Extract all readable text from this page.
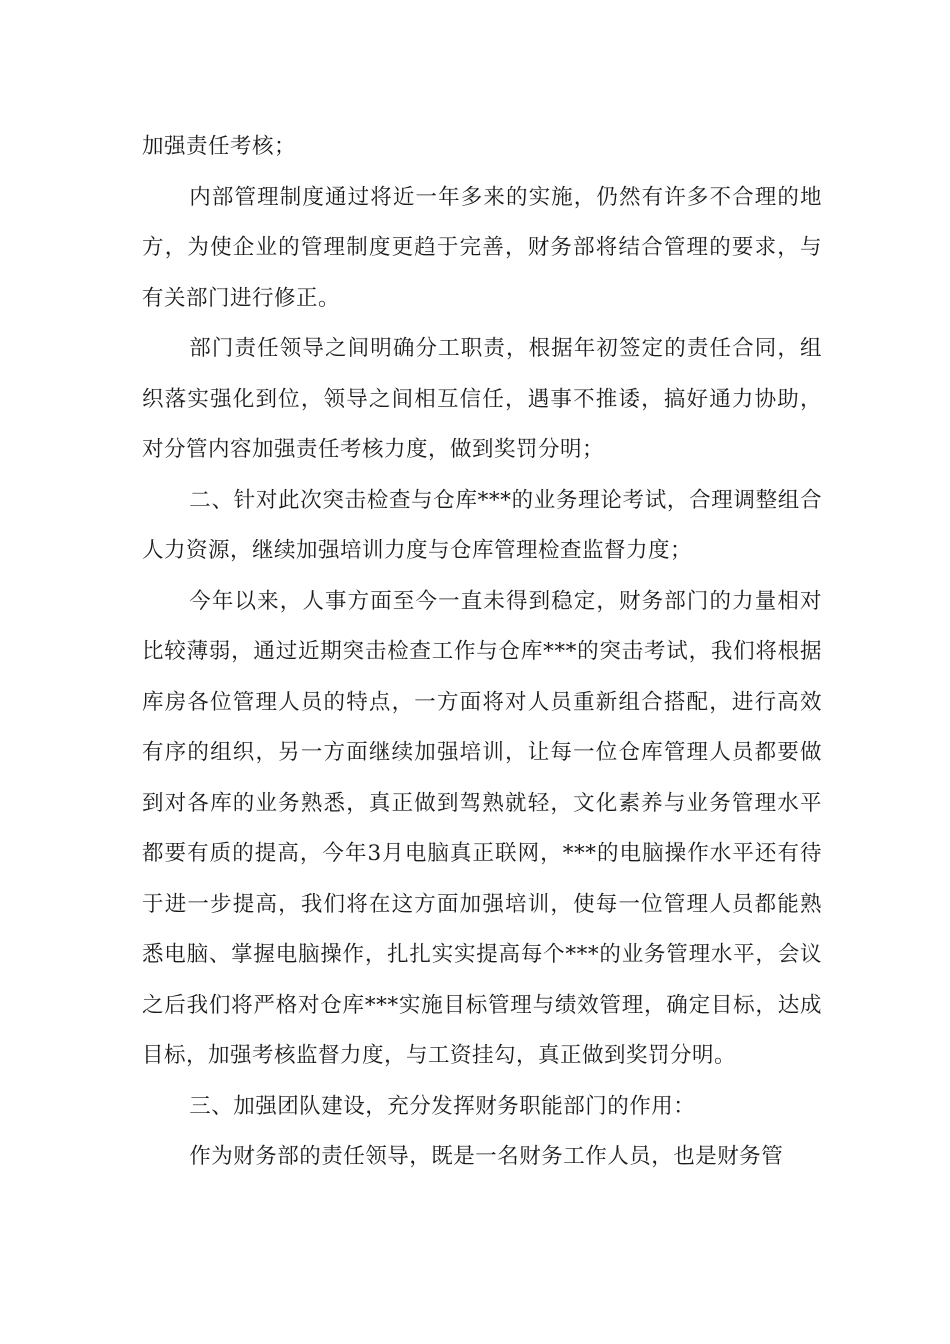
加强责任考核；

内部管理制度通过将近一年多来的实施，仍然有许多不合理的地方，为使企业的管理制度更趋于完善，财务部将结合管理的要求，与有关部门进行修正。

部门责任领导之间明确分工职责，根据年初签定的责任合同，组织落实强化到位，领导之间相互信任，遇事不推诿，搞好通力协助，对分管内容加强责任考核力度，做到奖罚分明；

二、针对此次突击检查与仓库***的业务理论考试，合理调整组合人力资源，继续加强培训力度与仓库管理检查监督力度；

今年以来，人事方面至今一直未得到稳定，财务部门的力量相对比较薄弱，通过近期突击检查工作与仓库***的突击考试，我们将根据库房各位管理人员的特点，一方面将对人员重新组合搭配，进行高效有序的组织，另一方面继续加强培训，让每一位仓库管理人员都要做到对各库的业务熟悉，真正做到驾熟就轻，文化素养与业务管理水平都要有质的提高，今年3月电脑真正联网，***的电脑操作水平还有待于进一步提高，我们将在这方面加强培训，使每一位管理人员都能熟悉电脑、掌握电脑操作，扎扎实实提高每个***的业务管理水平，会议之后我们将严格对仓库***实施目标管理与绩效管理，确定目标，达成目标，加强考核监督力度，与工资挂勾，真正做到奖罚分明。

三、加强团队建设，充分发挥财务职能部门的作用：

作为财务部的责任领导，既是一名财务工作人员，也是财务管
